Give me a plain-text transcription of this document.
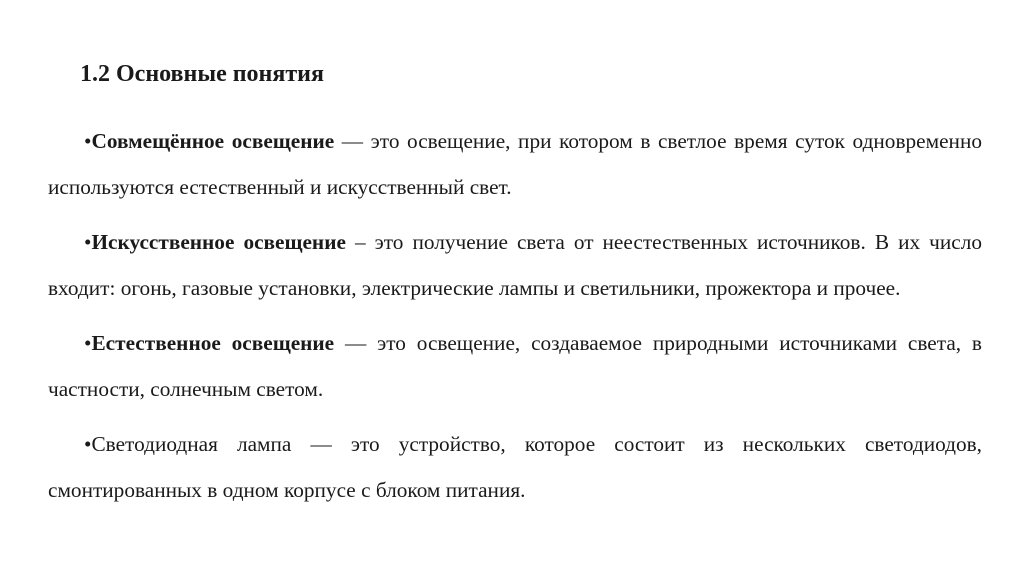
1.2 Основные понятия

•Совмещённое освещение — это освещение, при котором в светлое время суток одновременно используются естественный и искусственный свет.

•Искусственное освещение – это получение света от неестественных источников. В их число входит: огонь, газовые установки, электрические лампы и светильники, прожектора и прочее.

•Естественное освещение — это освещение, создаваемое природными источниками света, в частности, солнечным светом.

•Светодиодная лампа — это устройство, которое состоит из нескольких светодиодов, смонтированных в одном корпусе с блоком питания.
